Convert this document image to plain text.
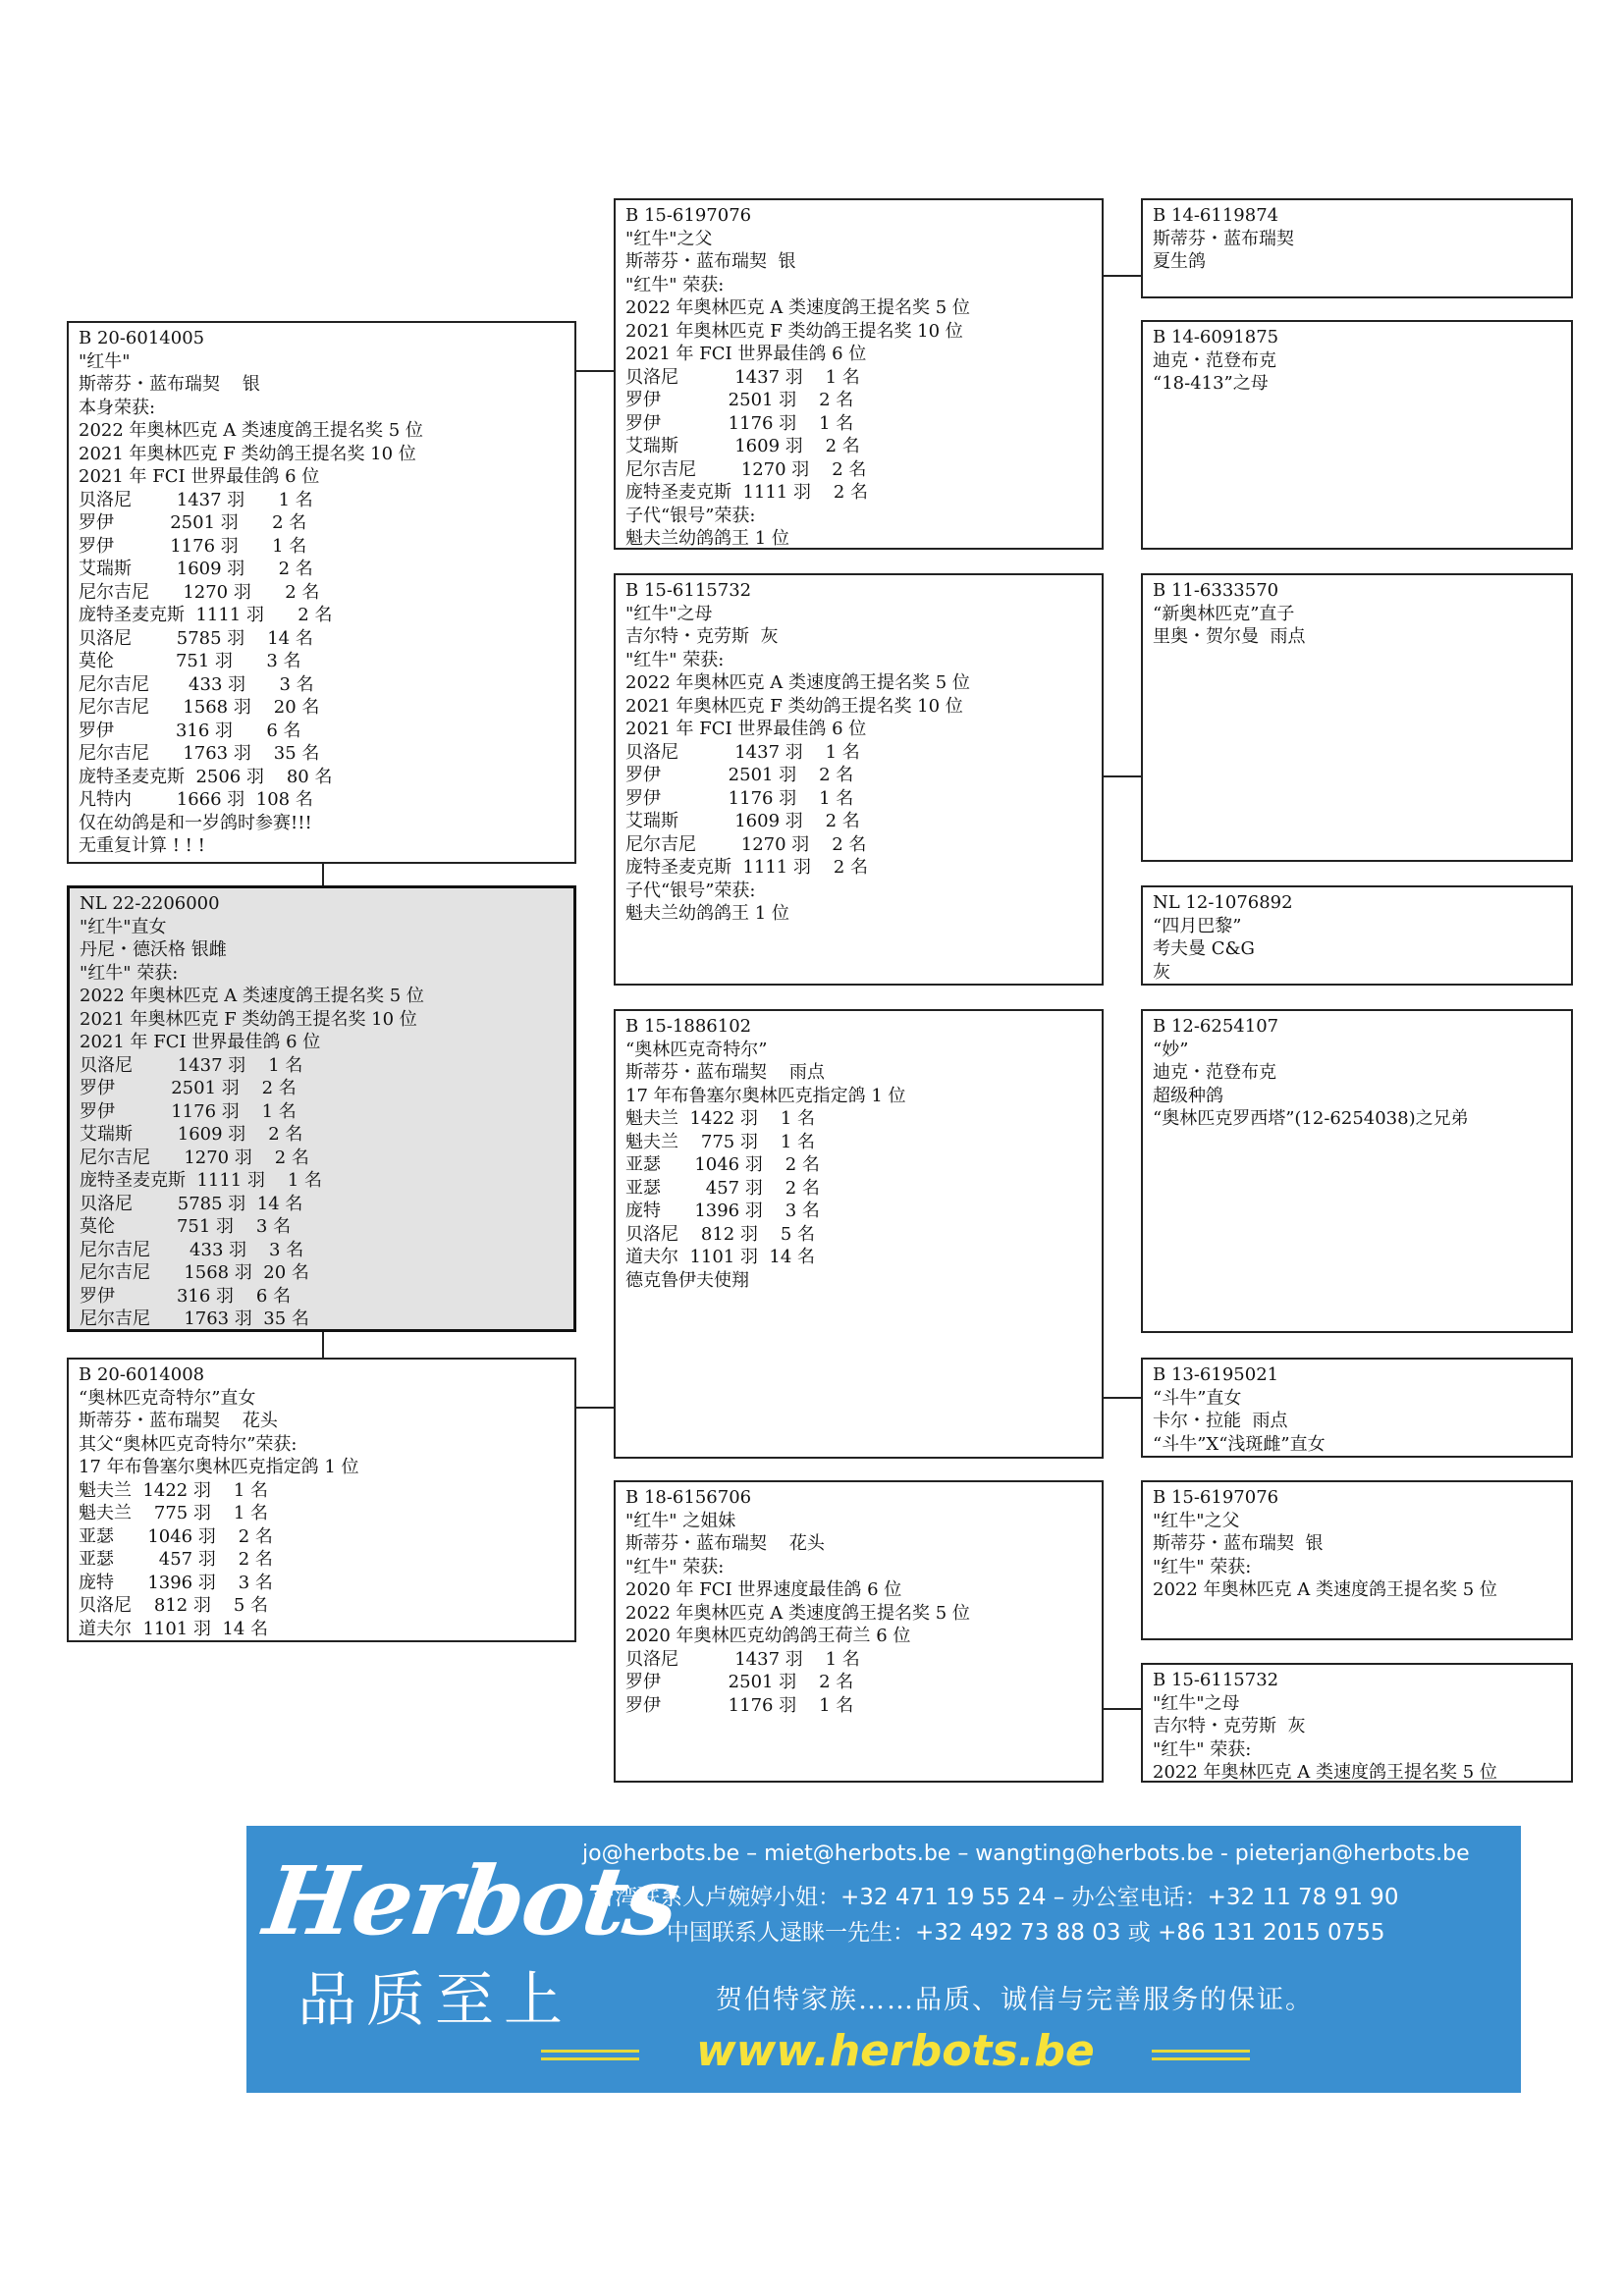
B 20-6014005
"红牛"
斯蒂芬・蓝布瑞契    银
本身荣获:
2022 年奥林匹克 A 类速度鸽王提名奖 5 位
2021 年奥林匹克 F 类幼鸽王提名奖 10 位
2021 年 FCI 世界最佳鸽 6 位
贝洛尼        1437 羽      1 名
罗伊          2501 羽      2 名
罗伊          1176 羽      1 名
艾瑞斯        1609 羽      2 名
尼尔吉尼      1270 羽      2 名
庞特圣麦克斯  1111 羽      2 名
贝洛尼        5785 羽    14 名
莫伦           751 羽      3 名
尼尔吉尼       433 羽      3 名
尼尔吉尼      1568 羽    20 名
罗伊           316 羽      6 名
尼尔吉尼      1763 羽    35 名
庞特圣麦克斯  2506 羽    80 名
凡特内        1666 羽  108 名
仅在幼鸽是和一岁鸽时参赛!!!
无重复计算 ! ! !
NL 22-2206000
"红牛"直女
丹尼・德沃格 银雌
"红牛" 荣获:
2022 年奥林匹克 A 类速度鸽王提名奖 5 位
2021 年奥林匹克 F 类幼鸽王提名奖 10 位
2021 年 FCI 世界最佳鸽 6 位
贝洛尼        1437 羽    1 名
罗伊          2501 羽    2 名
罗伊          1176 羽    1 名
艾瑞斯        1609 羽    2 名
尼尔吉尼      1270 羽    2 名
庞特圣麦克斯  1111 羽    1 名
贝洛尼        5785 羽  14 名
莫伦           751 羽    3 名
尼尔吉尼       433 羽    3 名
尼尔吉尼      1568 羽  20 名
罗伊           316 羽    6 名
尼尔吉尼      1763 羽  35 名
B 20-6014008
“奥林匹克奇特尔”直女
斯蒂芬・蓝布瑞契    花头
其父“奥林匹克奇特尔”荣获:
17 年布鲁塞尔奥林匹克指定鸽 1 位
魁夫兰  1422 羽    1 名
魁夫兰    775 羽    1 名
亚瑟      1046 羽    2 名
亚瑟        457 羽    2 名
庞特      1396 羽    3 名
贝洛尼    812 羽    5 名
道夫尔  1101 羽  14 名
B 15-6197076
"红牛"之父
斯蒂芬・蓝布瑞契  银
"红牛" 荣获:
2022 年奥林匹克 A 类速度鸽王提名奖 5 位
2021 年奥林匹克 F 类幼鸽王提名奖 10 位
2021 年 FCI 世界最佳鸽 6 位
贝洛尼          1437 羽    1 名
罗伊            2501 羽    2 名
罗伊            1176 羽    1 名
艾瑞斯          1609 羽    2 名
尼尔吉尼        1270 羽    2 名
庞特圣麦克斯  1111 羽    2 名
子代“银号”荣获:
魁夫兰幼鸽鸽王 1 位
B 15-6115732
"红牛"之母
吉尔特・克劳斯  灰
"红牛" 荣获:
2022 年奥林匹克 A 类速度鸽王提名奖 5 位
2021 年奥林匹克 F 类幼鸽王提名奖 10 位
2021 年 FCI 世界最佳鸽 6 位
贝洛尼          1437 羽    1 名
罗伊            2501 羽    2 名
罗伊            1176 羽    1 名
艾瑞斯          1609 羽    2 名
尼尔吉尼        1270 羽    2 名
庞特圣麦克斯  1111 羽    2 名
子代“银号”荣获:
魁夫兰幼鸽鸽王 1 位
B 15-1886102
“奥林匹克奇特尔”
斯蒂芬・蓝布瑞契    雨点
17 年布鲁塞尔奥林匹克指定鸽 1 位
魁夫兰  1422 羽    1 名
魁夫兰    775 羽    1 名
亚瑟      1046 羽    2 名
亚瑟        457 羽    2 名
庞特      1396 羽    3 名
贝洛尼    812 羽    5 名
道夫尔  1101 羽  14 名
德克鲁伊夫使翔
B 18-6156706
"红牛" 之姐妹
斯蒂芬・蓝布瑞契    花头
"红牛" 荣获:
2020 年 FCI 世界速度最佳鸽 6 位
2022 年奥林匹克 A 类速度鸽王提名奖 5 位
2020 年奥林匹克幼鸽鸽王荷兰 6 位
贝洛尼          1437 羽    1 名
罗伊            2501 羽    2 名
罗伊            1176 羽    1 名
B 14-6119874
斯蒂芬・蓝布瑞契
夏生鸽
B 14-6091875
迪克・范登布克
“18-413”之母
B 11-6333570
“新奥林匹克”直子
里奥・贺尔曼  雨点
NL 12-1076892
“四月巴黎”
考夫曼 C&G
灰
B 12-6254107
“妙”
迪克・范登布克
超级种鸽
“奥林匹克罗西塔”(12-6254038)之兄弟
B 13-6195021
“斗牛”直女
卡尔・拉能  雨点
“斗牛”X“浅斑雌”直女
B 15-6197076
"红牛"之父
斯蒂芬・蓝布瑞契  银
"红牛" 荣获:
2022 年奥林匹克 A 类速度鸽王提名奖 5 位
B 15-6115732
"红牛"之母
吉尔特・克劳斯  灰
"红牛" 荣获:
2022 年奥林匹克 A 类速度鸽王提名奖 5 位
Herbots
品质至上
jo@herbots.be – miet@herbots.be – wangting@herbots.be - pieterjan@herbots.be
台湾联系人卢婉婷小姐：+32 471 19 55 24 – 办公室电话：+32 11 78 91 90
中国联系人逯睐一先生：+32 492 73 88 03 或 +86 131 2015 0755
贺伯特家族……品质、诚信与完善服务的保证。
www.herbots.be
